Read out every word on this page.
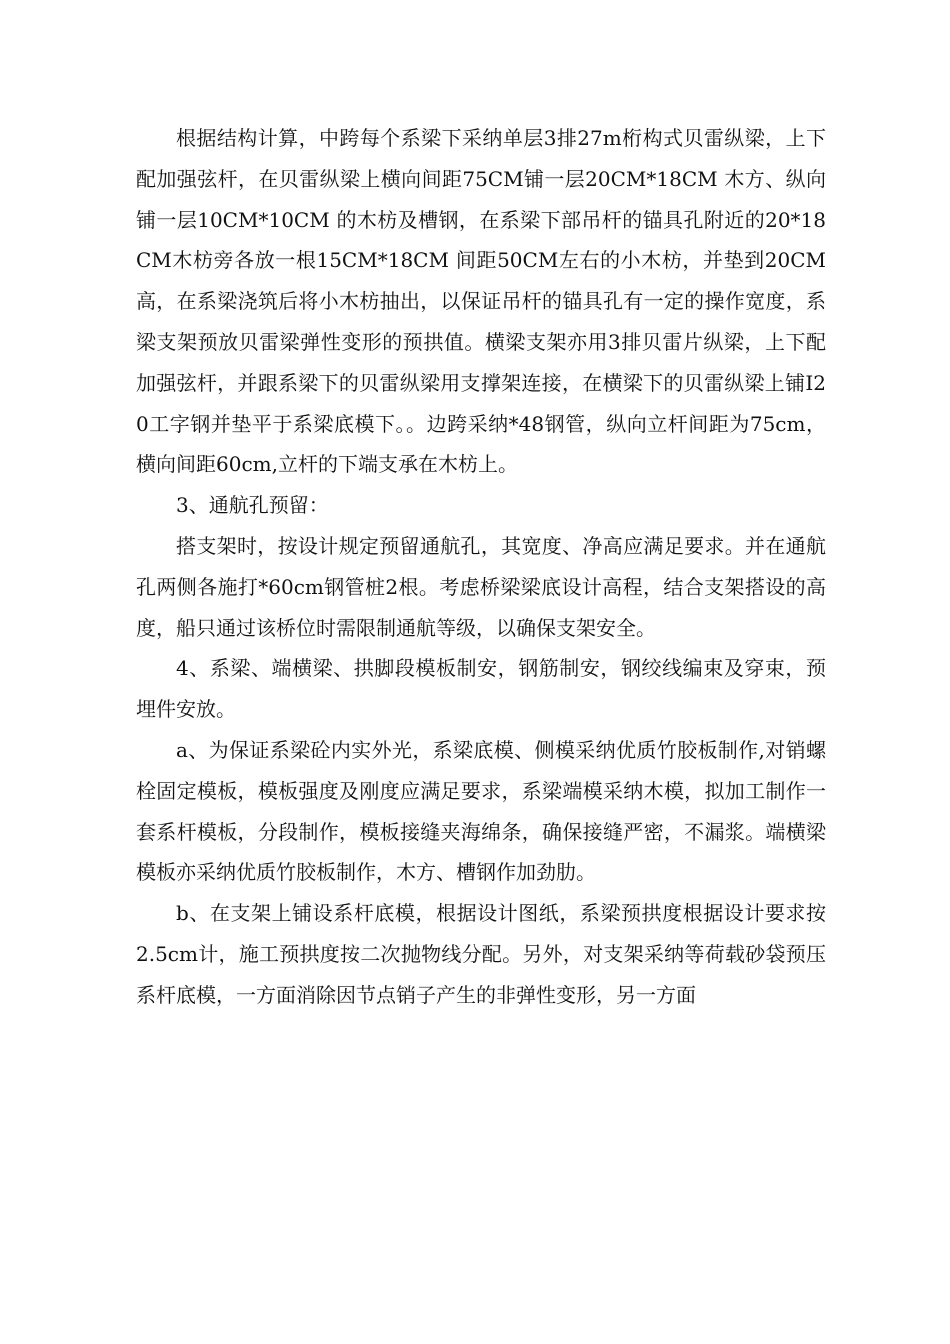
根据结构计算，中跨每个系梁下采纳单层3排27m桁构式贝雷纵梁，上下配加强弦杆，在贝雷纵梁上横向间距75CM铺一层20CM*18CM 木方、纵向铺一层10CM*10CM 的木枋及槽钢，在系梁下部吊杆的锚具孔附近的20*18CM木枋旁各放一根15CM*18CM 间距50CM左右的小木枋，并垫到20CM高，在系梁浇筑后将小木枋抽出，以保证吊杆的锚具孔有一定的操作宽度，系梁支架预放贝雷梁弹性变形的预拱值。横梁支架亦用3排贝雷片纵梁，上下配加强弦杆，并跟系梁下的贝雷纵梁用支撑架连接，在横梁下的贝雷纵梁上铺I20工字钢并垫平于系梁底模下。。边跨采纳*48钢管，纵向立杆间距为75cm，横向间距60cm,立杆的下端支承在木枋上。

3、通航孔预留：

搭支架时，按设计规定预留通航孔，其宽度、净高应满足要求。并在通航孔两侧各施打*60cm钢管桩2根。考虑桥梁梁底设计高程，结合支架搭设的高度，船只通过该桥位时需限制通航等级，以确保支架安全。

4、系梁、端横梁、拱脚段模板制安，钢筋制安，钢绞线编束及穿束，预埋件安放。

a、为保证系梁砼内实外光，系梁底模、侧模采纳优质竹胶板制作,对销螺栓固定模板，模板强度及刚度应满足要求，系梁端模采纳木模，拟加工制作一套系杆模板，分段制作，模板接缝夹海绵条，确保接缝严密，不漏浆。端横梁模板亦采纳优质竹胶板制作，木方、槽钢作加劲肋。

b、在支架上铺设系杆底模，根据设计图纸，系梁预拱度根据设计要求按2.5cm计，施工预拱度按二次抛物线分配。另外，对支架采纳等荷载砂袋预压系杆底模，一方面消除因节点销子产生的非弹性变形，另一方面
